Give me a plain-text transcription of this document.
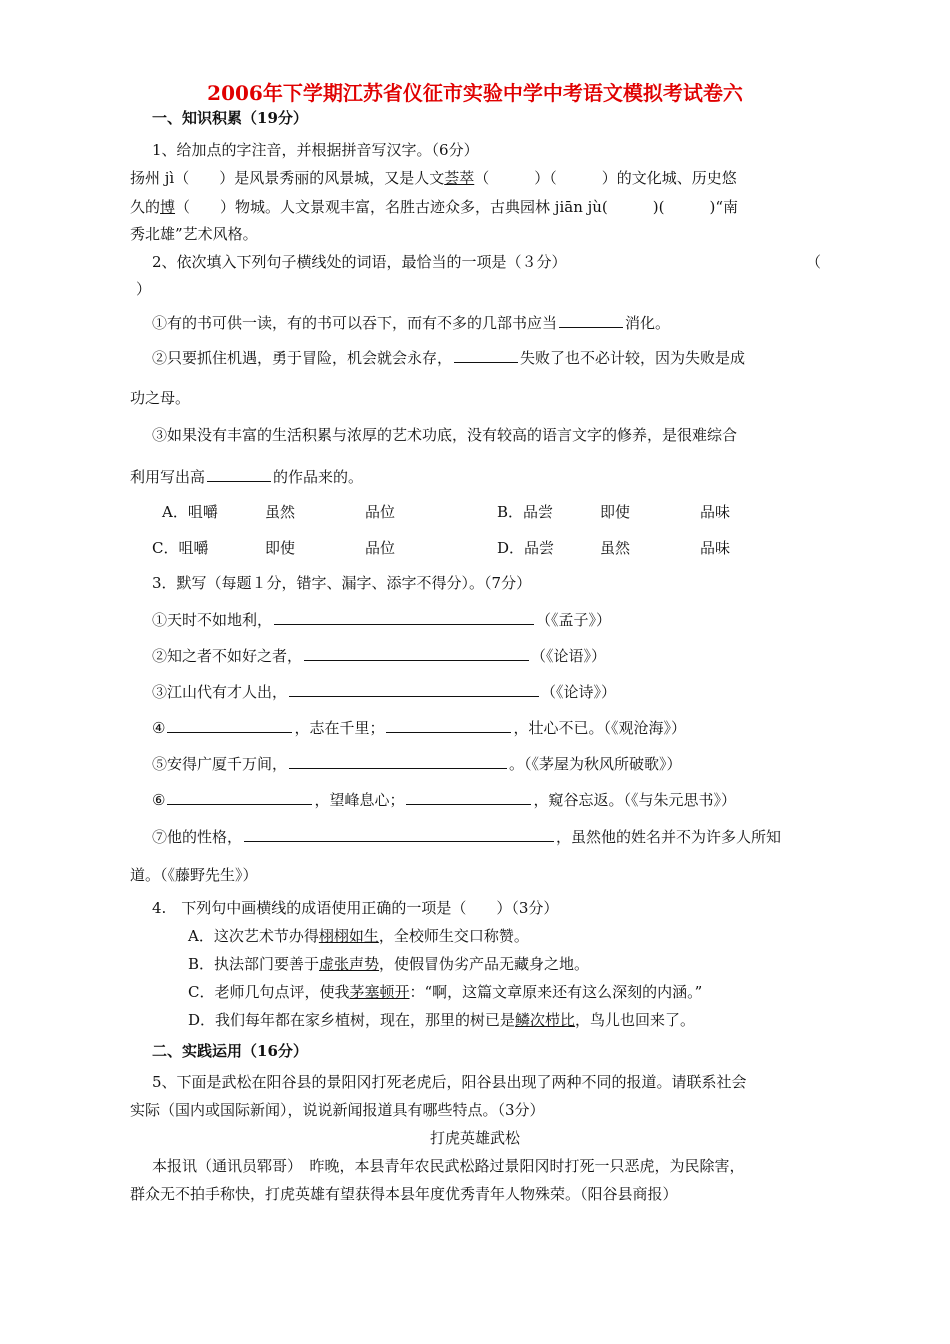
2006年下学期江苏省仪征市实验中学中考语文模拟考试卷六
一、知识积累（19分）
1、给加点的字注音，并根据拼音写汉字。（6分）
扬州 jì（　　）是风景秀丽的风景城，又是人文荟萃（　　　）（　　　）的文化城、历史悠
久的博（　　）物城。人文景观丰富，名胜古迹众多，古典园林 jiān jù(　　　)(　　　)“南
秀北雄”艺术风格。
2、依次填入下列句子横线处的词语，最恰当的一项是（３分）	（
）
①有的书可供一读，有的书可以吞下，而有不多的几部书应当	消化。
②只要抓住机遇，勇于冒险，机会就会永存，	失败了也不必计较，因为失败是成
功之母。
③如果没有丰富的生活积累与浓厚的艺术功底，没有较高的语言文字的修养，是很难综合
利用写出高	的作品来的。
A．咀嚼	虽然	品位	B．品尝	即使	品味
C．咀嚼	即使	品位	D．品尝	虽然	品味
3．默写（每题１分，错字、漏字、添字不得分）。（7分）
①天时不如地利，	（《孟子》）
②知之者不如好之者，	（《论语》）
③江山代有才人出，	（《论诗》）
④	，志在千里；	，壮心不已。（《观沧海》）
⑤安得广厦千万间，	。（《茅屋为秋风所破歌》）
⑥	，望峰息心；	，窥谷忘返。（《与朱元思书》）
⑦他的性格，	，虽然他的姓名并不为许多人所知
道。（《藤野先生》）
4.　下列句中画横线的成语使用正确的一项是（　　）（3分）
A．这次艺术节办得栩栩如生，全校师生交口称赞。
B．执法部门要善于虚张声势，使假冒伪劣产品无藏身之地。
C．老师几句点评，使我茅塞顿开：“啊，这篇文章原来还有这么深刻的内涵。”
D．我们每年都在家乡植树，现在，那里的树已是鳞次栉比，鸟儿也回来了。
二、实践运用（16分）
5、下面是武松在阳谷县的景阳冈打死老虎后，阳谷县出现了两种不同的报道。请联系社会
实际（国内或国际新闻），说说新闻报道具有哪些特点。（3分）
打虎英雄武松
本报讯（通讯员郓哥）　昨晚，本县青年农民武松路过景阳冈时打死一只恶虎，为民除害，
群众无不拍手称快，打虎英雄有望获得本县年度优秀青年人物殊荣。（阳谷县商报）
